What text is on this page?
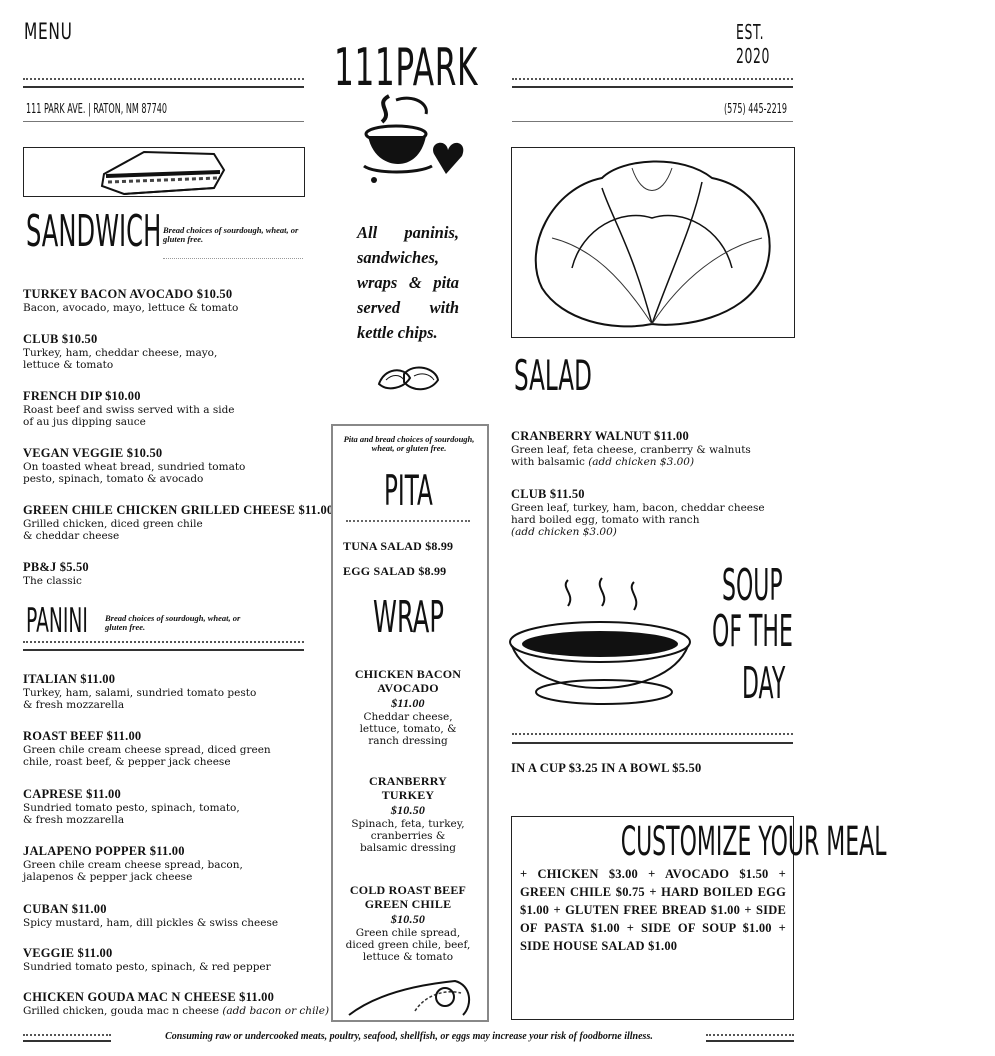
MENU	EST. 2020
111 PARK AVE. | RATON, NM 87740	(575) 445-2219
111PARK
SANDWICH Bread choices of sourdough, wheat, or gluten free.
TURKEY BACON AVOCADO $10.50
Bacon, avocado, mayo, lettuce & tomato
CLUB $10.50
Turkey, ham, cheddar cheese, mayo, lettuce & tomato
FRENCH DIP $10.00
Roast beef and swiss served with a side of au jus dipping sauce
VEGAN VEGGIE $10.50
On toasted wheat bread, sundried tomato pesto, spinach, tomato & avocado
GREEN CHILE CHICKEN GRILLED CHEESE $11.00
Grilled chicken, diced green chile & cheddar cheese
PB&J $5.50
The classic
PANINI	Bread choices of sourdough, wheat, or gluten free.
ITALIAN $11.00
Turkey, ham, salami, sundried tomato pesto & fresh mozzarella
ROAST BEEF $11.00
Green chile cream cheese spread, diced green chile, roast beef, & pepper jack cheese
CAPRESE $11.00
Sundried tomato pesto, spinach, tomato, & fresh mozzarella
JALAPENO POPPER $11.00
Green chile cream cheese spread, bacon, jalapenos & pepper jack cheese
CUBAN $11.00
Spicy mustard, ham, dill pickles & swiss cheese
VEGGIE $11.00
Sundried tomato pesto, spinach, & red pepper
CHICKEN GOUDA MAC N CHEESE $11.00
Grilled chicken, gouda mac n cheese (add bacon or chile)
All paninis, sandwiches, wraps & pita served with kettle chips.
Pita and bread choices of sourdough, wheat, or gluten free.
PITA
TUNA SALAD $8.99
EGG SALAD $8.99
WRAP
CHICKEN BACON AVOCADO
$11.00
Cheddar cheese, lettuce, tomato, & ranch dressing
CRANBERRY TURKEY
$10.50
Spinach, feta, turkey, cranberries & balsamic dressing
COLD ROAST BEEF GREEN CHILE
$10.50
Green chile spread, diced green chile, beef, lettuce & tomato
SALAD
CRANBERRY WALNUT $11.00
Green leaf, feta cheese, cranberry & walnuts with balsamic (add chicken $3.00)
CLUB $11.50
Green leaf, turkey, ham, bacon, cheddar cheese hard boiled egg, tomato with ranch
(add chicken $3.00)
SOUP
OF THE
DAY
IN A CUP $3.25 IN A BOWL $5.50
CUSTOMIZE YOUR MEAL
+ CHICKEN $3.00 + AVOCADO $1.50 + GREEN CHILE $0.75 + HARD BOILED EGG $1.00 + GLUTEN FREE BREAD $1.00 + SIDE OF PASTA $1.00 + SIDE OF SOUP $1.00 + SIDE HOUSE SALAD $1.00
Consuming raw or undercooked meats, poultry, seafood, shellfish, or eggs may increase your risk of foodborne illness.
